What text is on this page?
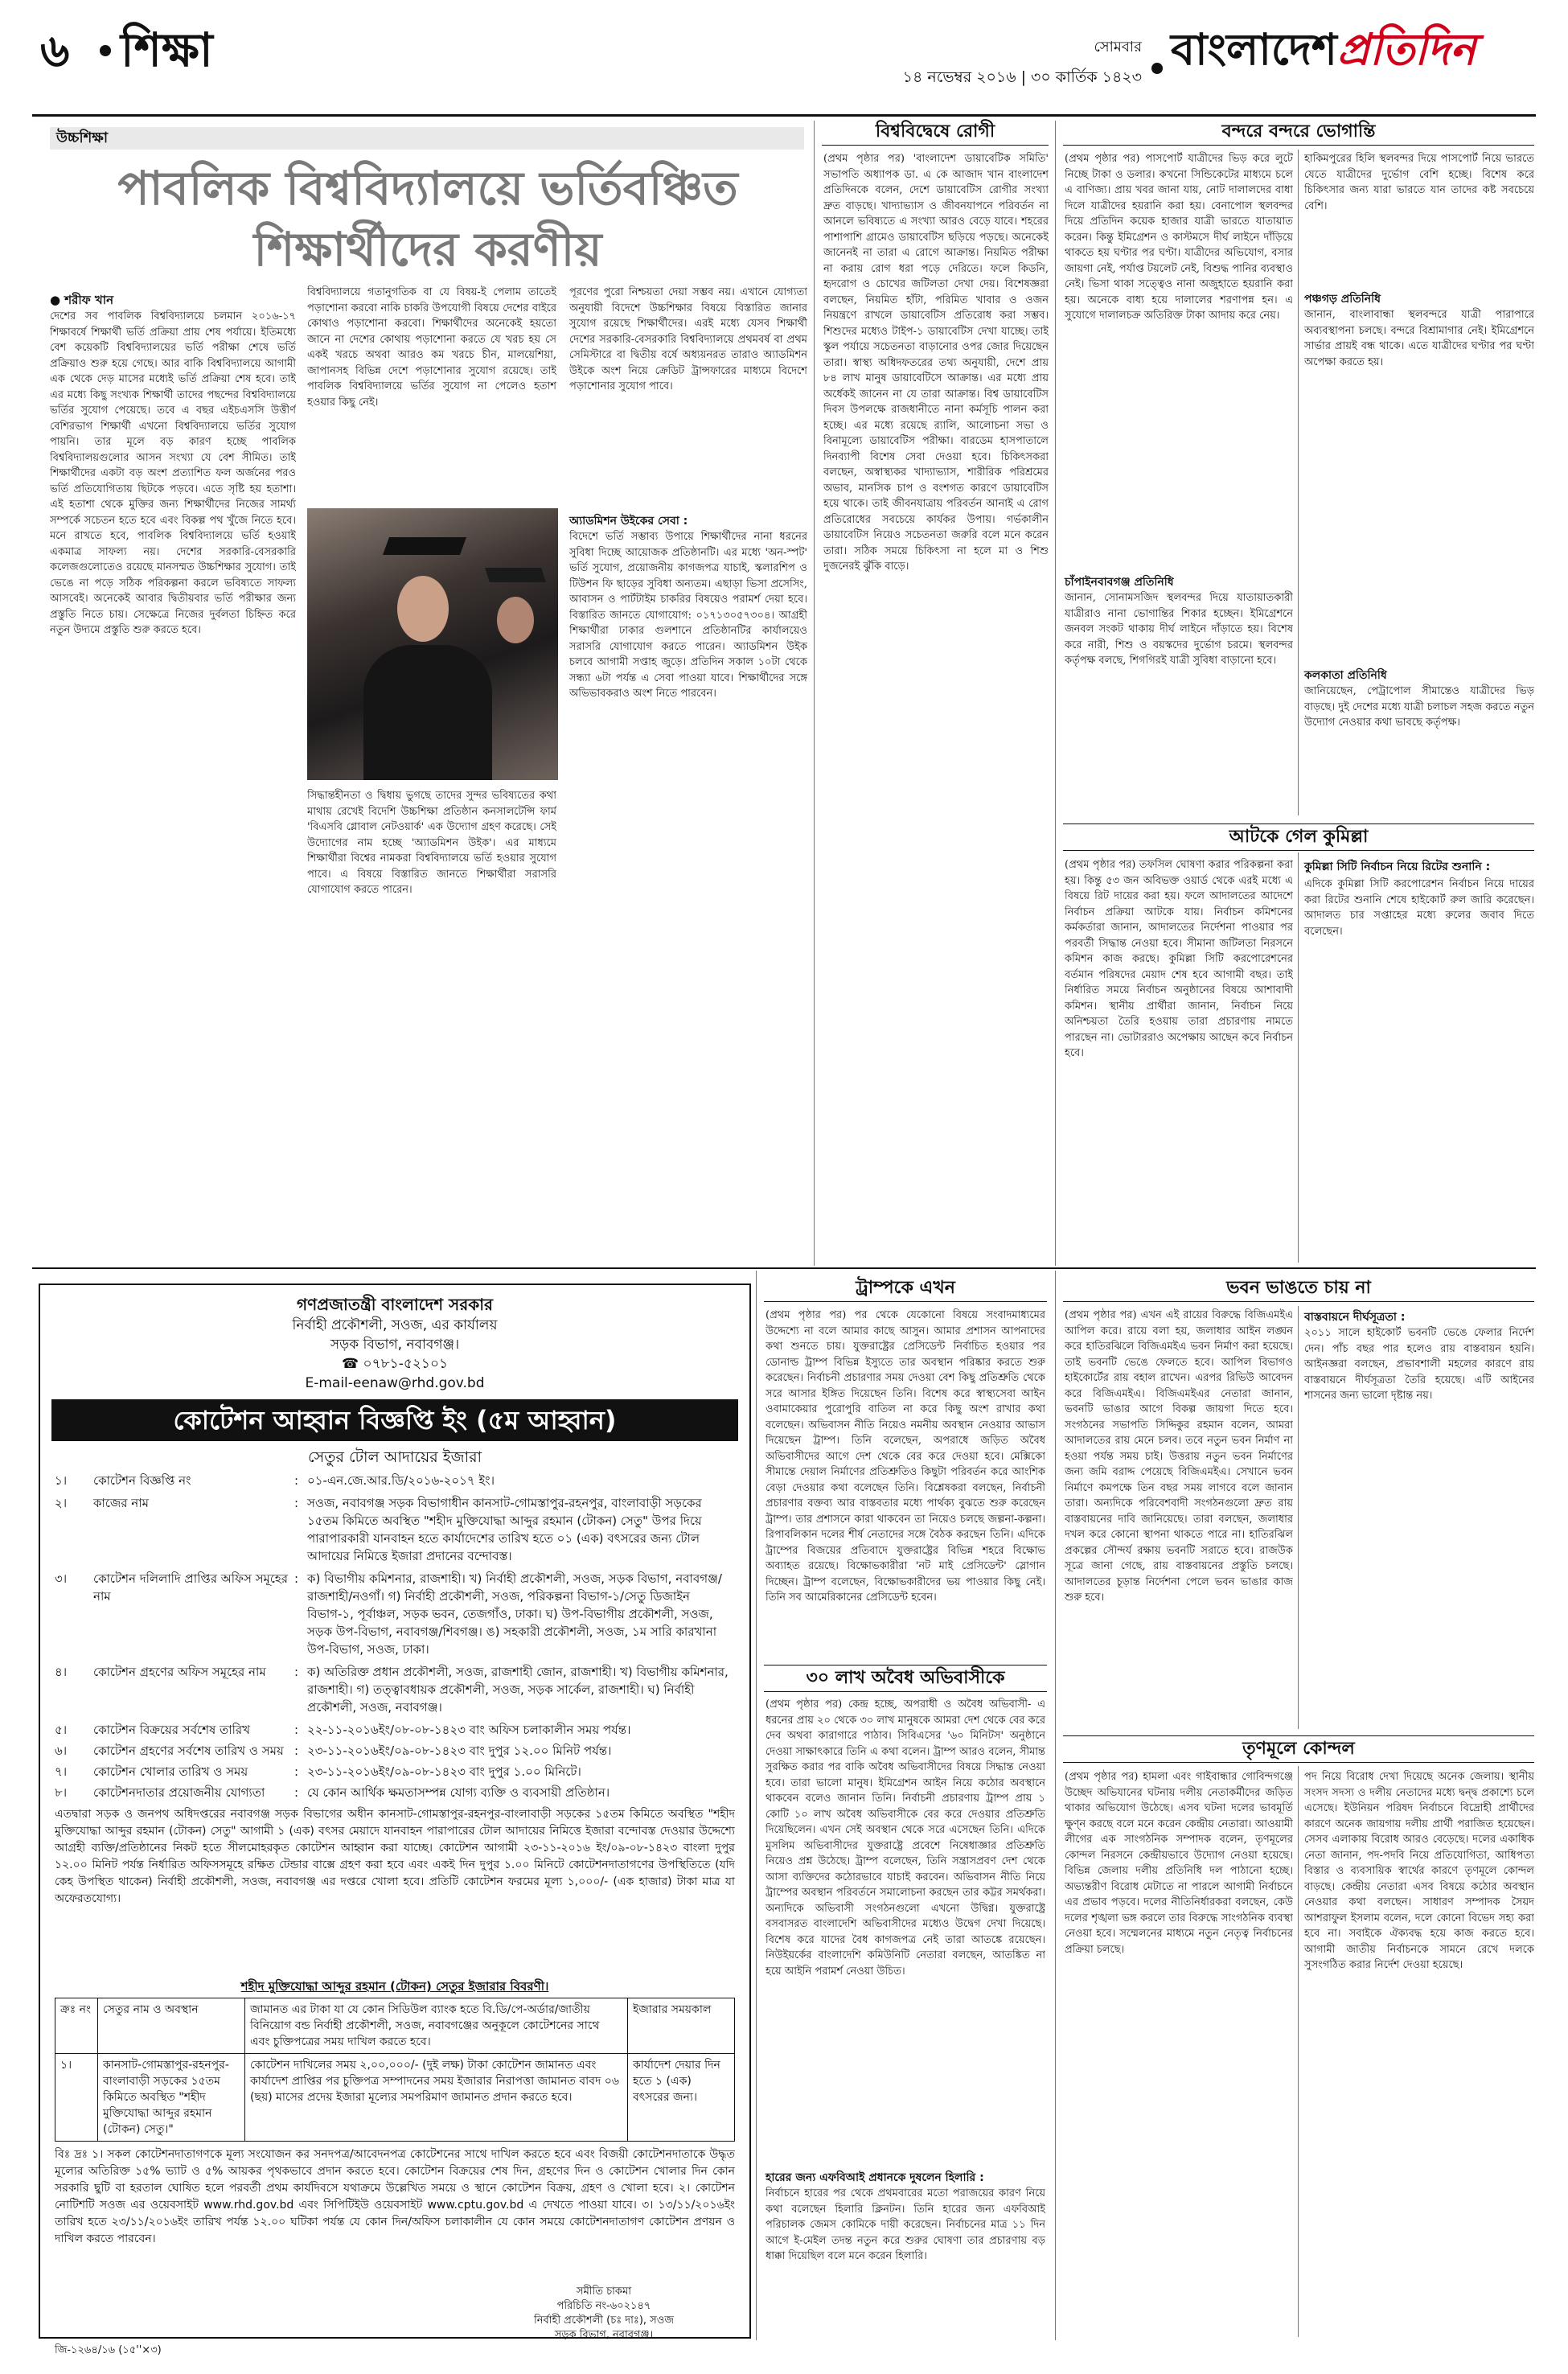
৬ শিক্ষা	সোমবার
১৪ নভেম্বর ২০১৬ | ৩০ কার্তিক ১৪২৩
বাংলাদেশপ্রতিদিন
উচ্চশিক্ষা
পাবলিক বিশ্ববিদ্যালয়ে ভর্তিবঞ্চিত
শিক্ষার্থীদের করণীয়
● শরীফ খান
দেশের সব পাবলিক বিশ্ববিদ্যালয়ে চলমান ২০১৬-১৭ শিক্ষাবর্ষে শিক্ষার্থী ভর্তি প্রক্রিয়া প্রায় শেষ পর্যায়ে। ইতিমধ্যে বেশ কয়েকটি বিশ্ববিদ্যালয়ের ভর্তি পরীক্ষা শেষে ভর্তি প্রক্রিয়াও শুরু হয়ে গেছে। আর বাকি বিশ্ববিদ্যালয়ে আগামী এক থেকে দেড় মাসের মধ্যেই ভর্তি প্রক্রিয়া শেষ হবে। তাই এর মধ্যে কিছু সংখ্যক শিক্ষার্থী তাদের পছন্দের বিশ্ববিদ্যালয়ে ভর্তির সুযোগ পেয়েছে। তবে এ বছর এইচএসসি উত্তীর্ণ বেশিরভাগ শিক্ষার্থী এখনো বিশ্ববিদ্যালয়ে ভর্তির সুযোগ পায়নি। তার মূলে বড় কারণ হচ্ছে পাবলিক বিশ্ববিদ্যালয়গুলোর আসন সংখ্যা যে বেশ সীমিত। তাই শিক্ষার্থীদের একটা বড় অংশ প্রত্যাশিত ফল অর্জনের পরও ভর্তি প্রতিযোগিতায় ছিটকে পড়বে। এতে সৃষ্টি হয় হতাশা। এই হতাশা থেকে মুক্তির জন্য শিক্ষার্থীদের নিজের সামর্থ্য সম্পর্কে সচেতন হতে হবে এবং বিকল্প পথ খুঁজে নিতে হবে। মনে রাখতে হবে, পাবলিক বিশ্ববিদ্যালয়ে ভর্তি হওয়াই একমাত্র সাফল্য নয়। দেশের সরকারি-বেসরকারি কলেজগুলোতেও রয়েছে মানসম্মত উচ্চশিক্ষার সুযোগ। তাই ভেঙে না পড়ে সঠিক পরিকল্পনা করলে ভবিষ্যতে সাফল্য আসবেই। অনেকেই আবার দ্বিতীয়বার ভর্তি পরীক্ষার জন্য প্রস্তুতি নিতে চায়। সেক্ষেত্রে নিজের দুর্বলতা চিহ্নিত করে নতুন উদ্যমে প্রস্তুতি শুরু করতে হবে।
বিশ্ববিদ্যালয়ে গতানুগতিক বা যে বিষয়-ই পেলাম তাতেই পড়াশোনা করবো নাকি চাকরি উপযোগী বিষয়ে দেশের বাইরে কোথাও পড়াশোনা করবো। শিক্ষার্থীদের অনেকেই হয়তো জানে না দেশের কোথায় পড়াশোনা করতে যে খরচ হয় সে একই খরচে অথবা আরও কম খরচে চীন, মালয়েশিয়া, জাপানসহ বিভিন্ন দেশে পড়াশোনার সুযোগ রয়েছে। তাই পাবলিক বিশ্ববিদ্যালয়ে ভর্তির সুযোগ না পেলেও হতাশ হওয়ার কিছু নেই।
সিদ্ধান্তহীনতা ও দ্বিধায় ভুগছে তাদের সুন্দর ভবিষ্যতের কথা মাথায় রেখেই বিদেশি উচ্চশিক্ষা প্রতিষ্ঠান কনসালটেন্সি ফার্ম 'বিএসবি গ্লোবাল নেটওয়ার্ক' এক উদ্যোগ গ্রহণ করেছে। সেই উদ্যোগের নাম হচ্ছে 'অ্যাডমিশন উইক'। এর মাধ্যমে শিক্ষার্থীরা বিশ্বের নামকরা বিশ্ববিদ্যালয়ে ভর্তি হওয়ার সুযোগ পাবে। এ বিষয়ে বিস্তারিত জানতে শিক্ষার্থীরা সরাসরি যোগাযোগ করতে পারেন।
পূরণের পুরো নিশ্চয়তা দেয়া সম্ভব নয়। এখানে যোগ্যতা অনুযায়ী বিদেশে উচ্চশিক্ষার বিষয়ে বিস্তারিত জানার সুযোগ রয়েছে শিক্ষার্থীদের। এরই মধ্যে যেসব শিক্ষার্থী দেশের সরকারি-বেসরকারি বিশ্ববিদ্যালয়ে প্রথমবর্ষ বা প্রথম সেমিস্টারে বা দ্বিতীয় বর্ষে অধ্যয়নরত তারাও অ্যাডমিশন উইকে অংশ নিয়ে ক্রেডিট ট্রান্সফারের মাধ্যমে বিদেশে পড়াশোনার সুযোগ পাবে।
অ্যাডমিশন উইকের সেবা :
বিদেশে ভর্তি সম্ভাব্য উপায়ে শিক্ষার্থীদের নানা ধরনের সুবিধা দিচ্ছে আয়োজক প্রতিষ্ঠানটি। এর মধ্যে 'অন-স্পট' ভর্তি সুযোগ, প্রয়োজনীয় কাগজপত্র যাচাই, স্কলারশিপ ও টিউশন ফি ছাড়ের সুবিধা অন্যতম। এছাড়া ভিসা প্রসেসিং, আবাসন ও পার্টটাইম চাকরির বিষয়েও পরামর্শ দেয়া হবে। বিস্তারিত জানতে যোগাযোগ: ০১৭১৩০৫৭৩০৪। আগ্রহী শিক্ষার্থীরা ঢাকার গুলশানে প্রতিষ্ঠানটির কার্যালয়েও সরাসরি যোগাযোগ করতে পারেন। অ্যাডমিশন উইক চলবে আগামী সপ্তাহ জুড়ে। প্রতিদিন সকাল ১০টা থেকে সন্ধ্যা ৬টা পর্যন্ত এ সেবা পাওয়া যাবে। শিক্ষার্থীদের সঙ্গে অভিভাবকরাও অংশ নিতে পারবেন।
বিশ্ববিদ্বেষে রোগী
(প্রথম পৃষ্ঠার পর) 'বাংলাদেশ ডায়াবেটিক সমিতি' সভাপতি অধ্যাপক ডা. এ কে আজাদ খান বাংলাদেশ প্রতিদিনকে বলেন, দেশে ডায়াবেটিস রোগীর সংখ্যা দ্রুত বাড়ছে। খাদ্যাভ্যাস ও জীবনযাপনে পরিবর্তন না আনলে ভবিষ্যতে এ সংখ্যা আরও বেড়ে যাবে। শহরের পাশাপাশি গ্রামেও ডায়াবেটিস ছড়িয়ে পড়ছে। অনেকেই জানেনই না তারা এ রোগে আক্রান্ত। নিয়মিত পরীক্ষা না করায় রোগ ধরা পড়ে দেরিতে। ফলে কিডনি, হৃদরোগ ও চোখের জটিলতা দেখা দেয়। বিশেষজ্ঞরা বলছেন, নিয়মিত হাঁটা, পরিমিত খাবার ও ওজন নিয়ন্ত্রণে রাখলে ডায়াবেটিস প্রতিরোধ করা সম্ভব। শিশুদের মধ্যেও টাইপ-১ ডায়াবেটিস দেখা যাচ্ছে। তাই স্কুল পর্যায়ে সচেতনতা বাড়ানোর ওপর জোর দিয়েছেন তারা। স্বাস্থ্য অধিদফতরের তথ্য অনুযায়ী, দেশে প্রায় ৮৪ লাখ মানুষ ডায়াবেটিসে আক্রান্ত। এর মধ্যে প্রায় অর্ধেকই জানেন না যে তারা আক্রান্ত। বিশ্ব ডায়াবেটিস দিবস উপলক্ষে রাজধানীতে নানা কর্মসূচি পালন করা হচ্ছে। এর মধ্যে রয়েছে র‍্যালি, আলোচনা সভা ও বিনামূল্যে ডায়াবেটিস পরীক্ষা। বারডেম হাসপাতালে দিনব্যাপী বিশেষ সেবা দেওয়া হবে। চিকিৎসকরা বলছেন, অস্বাস্থ্যকর খাদ্যাভ্যাস, শারীরিক পরিশ্রমের অভাব, মানসিক চাপ ও বংশগত কারণে ডায়াবেটিস হয়ে থাকে। তাই জীবনযাত্রায় পরিবর্তন আনাই এ রোগ প্রতিরোধের সবচেয়ে কার্যকর উপায়। গর্ভকালীন ডায়াবেটিস নিয়েও সচেতনতা জরুরি বলে মনে করেন তারা। সঠিক সময়ে চিকিৎসা না হলে মা ও শিশু দুজনেরই ঝুঁকি বাড়ে।
বন্দরে বন্দরে ভোগান্তি
(প্রথম পৃষ্ঠার পর) পাসপোর্ট যাত্রীদের ভিড় করে লুটে নিচ্ছে টাকা ও ডলার। কখনো সিন্ডিকেটের মাধ্যমে চলে এ বাণিজ্য। প্রায় খবর জানা যায়, নোট দালালদের বাধা দিলে যাত্রীদের হয়রানি করা হয়। বেনাপোল স্থলবন্দর দিয়ে প্রতিদিন কয়েক হাজার যাত্রী ভারতে যাতায়াত করেন। কিন্তু ইমিগ্রেশন ও কাস্টমসে দীর্ঘ লাইনে দাঁড়িয়ে থাকতে হয় ঘণ্টার পর ঘণ্টা। যাত্রীদের অভিযোগ, বসার জায়গা নেই, পর্যাপ্ত টয়লেট নেই, বিশুদ্ধ পানির ব্যবস্থাও নেই। ভিসা থাকা সত্ত্বেও নানা অজুহাতে হয়রানি করা হয়। অনেকে বাধ্য হয়ে দালালের শরণাপন্ন হন। এ সুযোগে দালালচক্র অতিরিক্ত টাকা আদায় করে নেয়।
চাঁপাইনবাবগঞ্জ প্রতিনিধি
জানান, সোনামসজিদ স্থলবন্দর দিয়ে যাতায়াতকারী যাত্রীরাও নানা ভোগান্তির শিকার হচ্ছেন। ইমিগ্রেশনে জনবল সংকট থাকায় দীর্ঘ লাইনে দাঁড়াতে হয়। বিশেষ করে নারী, শিশু ও বয়স্কদের দুর্ভোগ চরমে। স্থলবন্দর কর্তৃপক্ষ বলছে, শিগগিরই যাত্রী সুবিধা বাড়ানো হবে।
হাকিমপুরের হিলি স্থলবন্দর দিয়ে পাসপোর্ট নিয়ে ভারতে যেতে যাত্রীদের দুর্ভোগ বেশি হচ্ছে। বিশেষ করে চিকিৎসার জন্য যারা ভারতে যান তাদের কষ্ট সবচেয়ে বেশি।
পঞ্চগড় প্রতিনিধি
জানান, বাংলাবান্ধা স্থলবন্দরে যাত্রী পারাপারে অব্যবস্থাপনা চলছে। বন্দরে বিশ্রামাগার নেই। ইমিগ্রেশনে সার্ভার প্রায়ই বন্ধ থাকে। এতে যাত্রীদের ঘণ্টার পর ঘণ্টা অপেক্ষা করতে হয়।
কলকাতা প্রতিনিধি
জানিয়েছেন, পেট্রাপোল সীমান্তেও যাত্রীদের ভিড় বাড়ছে। দুই দেশের মধ্যে যাত্রী চলাচল সহজ করতে নতুন উদ্যোগ নেওয়ার কথা ভাবছে কর্তৃপক্ষ।
আটকে গেল কুমিল্লা
(প্রথম পৃষ্ঠার পর) তফসিল ঘোষণা করার পরিকল্পনা করা হয়। কিন্তু ৫৩ জন অবিভক্ত ওয়ার্ড থেকে এরই মধ্যে এ বিষয়ে রিট দায়ের করা হয়। ফলে আদালতের আদেশে নির্বাচন প্রক্রিয়া আটকে যায়। নির্বাচন কমিশনের কর্মকর্তারা জানান, আদালতের নির্দেশনা পাওয়ার পর পরবর্তী সিদ্ধান্ত নেওয়া হবে। সীমানা জটিলতা নিরসনে কমিশন কাজ করছে। কুমিল্লা সিটি করপোরেশনের বর্তমান পরিষদের মেয়াদ শেষ হবে আগামী বছর। তাই নির্ধারিত সময়ে নির্বাচন অনুষ্ঠানের বিষয়ে আশাবাদী কমিশন। স্থানীয় প্রার্থীরা জানান, নির্বাচন নিয়ে অনিশ্চয়তা তৈরি হওয়ায় তারা প্রচারণায় নামতে পারছেন না। ভোটাররাও অপেক্ষায় আছেন কবে নির্বাচন হবে।
কুমিল্লা সিটি নির্বাচন নিয়ে রিটের শুনানি :
এদিকে কুমিল্লা সিটি করপোরেশন নির্বাচন নিয়ে দায়ের করা রিটের শুনানি শেষে হাইকোর্ট রুল জারি করেছেন। আদালত চার সপ্তাহের মধ্যে রুলের জবাব দিতে বলেছেন।
গণপ্রজাতন্ত্রী বাংলাদেশ সরকার
নির্বাহী প্রকৌশলী, সওজ, এর কার্যালয়
সড়ক বিভাগ, নবাবগঞ্জ।
☎ ০৭৮১-৫২১০১
E-mail-eenaw@rhd.gov.bd
কোটেশন আহ্বান বিজ্ঞপ্তি ইং (৫ম আহ্বান)
সেতুর টোল আদায়ের ইজারা
১।	কোটেশন বিজ্ঞপ্তি নং	: ০১-এন.জে.আর.ডি/২০১৬-২০১৭ ইং।
২।	কাজের নাম	: সওজ, নবাবগঞ্জ সড়ক বিভাগাধীন কানসাট-গোমস্তাপুর-রহনপুর, বাংলাবাড়ী সড়কের ১৫তম কিমিতে অবস্থিত "শহীদ মুক্তিযোদ্ধা আব্দুর রহমান (টোকন) সেতু" উপর দিয়ে পারাপারকারী যানবাহন হতে কার্যাদেশের তারিখ হতে ০১ (এক) বৎসরের জন্য টোল আদায়ের নিমিত্তে ইজারা প্রদানের বন্দোবস্ত।
৩।	কোটেশন দলিলাদি প্রাপ্তির অফিস সমূহের নাম
: ক) বিভাগীয় কমিশনার, রাজশাহী। খ) নির্বাহী প্রকৌশলী, সওজ, সড়ক বিভাগ, নবাবগঞ্জ/রাজশাহী/নওগাঁ। গ) নির্বাহী প্রকৌশলী, সওজ, পরিকল্পনা বিভাগ-১/সেতু ডিজাইন বিভাগ-১, পূর্বাঞ্চল, সড়ক ভবন, তেজগাঁও, ঢাকা। ঘ) উপ-বিভাগীয় প্রকৌশলী, সওজ, সড়ক উপ-বিভাগ, নবাবগঞ্জ/শিবগঞ্জ। ঙ) সহকারী প্রকৌশলী, সওজ, ১ম সারি কারখানা উপ-বিভাগ, সওজ, ঢাকা।
৪।	কোটেশন গ্রহণের অফিস সমূহের নাম	: ক) অতিরিক্ত প্রধান প্রকৌশলী, সওজ, রাজশাহী জোন, রাজশাহী। খ) বিভাগীয় কমিশনার, রাজশাহী। গ) তত্ত্বাবধায়ক প্রকৌশলী, সওজ, সড়ক সার্কেল, রাজশাহী। ঘ) নির্বাহী প্রকৌশলী, সওজ, নবাবগঞ্জ।
৫।	কোটেশন বিক্রয়ের সর্বশেষ তারিখ	: ২২-১১-২০১৬ইং/০৮-০৮-১৪২৩ বাং অফিস চলাকালীন সময় পর্যন্ত।
৬।	কোটেশন গ্রহণের সর্বশেষ তারিখ ও সময় : ২৩-১১-২০১৬ইং/০৯-০৮-১৪২৩ বাং দুপুর ১২.০০ মিনিট পর্যন্ত।
৭।	কোটেশন খোলার তারিখ ও সময়	: ২৩-১১-২০১৬ইং/০৯-০৮-১৪২৩ বাং দুপুর ১.০০ মিনিটে।
৮।	কোটেশনদাতার প্রয়োজনীয় যোগ্যতা	: যে কোন আর্থিক ক্ষমতাসম্পন্ন যোগ্য ব্যক্তি ও ব্যবসায়ী প্রতিষ্ঠান।
এতদ্বারা সড়ক ও জনপথ অধিদপ্তরের নবাবগঞ্জ সড়ক বিভাগের অধীন কানসাট-গোমস্তাপুর-রহনপুর-বাংলাবাড়ী সড়কের ১৫তম কিমিতে অবস্থিত "শহীদ মুক্তিযোদ্ধা আব্দুর রহমান (টোকন) সেতু" আগামী ১ (এক) বৎসর মেয়াদে যানবাহন পারাপারের টোল আদায়ের নিমিত্তে ইজারা বন্দোবস্ত দেওয়ার উদ্দেশ্যে আগ্রহী ব্যক্তি/প্রতিষ্ঠানের নিকট হতে সীলমোহরকৃত কোটেশন আহ্বান করা যাচ্ছে। কোটেশন আগামী ২৩-১১-২০১৬ ইং/০৯-০৮-১৪২৩ বাংলা দুপুর ১২.০০ মিনিট পর্যন্ত নির্ধারিত অফিসসমূহে রক্ষিত টেন্ডার বাক্সে গ্রহণ করা হবে এবং একই দিন দুপুর ১.০০ মিনিটে কোটেশনদাতাগণের উপস্থিতিতে (যদি কেহ উপস্থিত থাকেন) নির্বাহী প্রকৌশলী, সওজ, নবাবগঞ্জ এর দপ্তরে খোলা হবে। প্রতিটি কোটেশন ফরমের মূল্য ১,০০০/- (এক হাজার) টাকা মাত্র যা অফেরতযোগ্য।
শহীদ মুক্তিযোদ্ধা আব্দুর রহমান (টোকন) সেতুর ইজারার বিবরণী।
ক্রঃ নং	সেতুর নাম ও অবস্থান	জামানত এর টাকা যা যে কোন সিডিউল ব্যাংক হতে বি.ডি/পে-অর্ডার/জাতীয় বিনিয়োগ বন্ড নির্বাহী প্রকৌশলী, সওজ, নবাবগঞ্জের অনুকূলে কোটেশনের সাথে এবং চুক্তিপত্রের সময় দাখিল করতে হবে।	ইজারার সময়কাল
১।	কানসাট-গোমস্তাপুর-রহনপুর-বাংলাবাড়ী সড়কের ১৫তম কিমিতে অবস্থিত "শহীদ মুক্তিযোদ্ধা আব্দুর রহমান (টোকন) সেতু।"	কোটেশন দাখিলের সময় ২,০০,০০০/- (দুই লক্ষ) টাকা কোটেশন জামানত এবং কার্যাদেশ প্রাপ্তির পর চুক্তিপত্র সম্পাদনের সময় ইজারার নিরাপত্তা জামানত বাবদ ০৬ (ছয়) মাসের প্রদেয় ইজারা মূল্যের সমপরিমাণ জামানত প্রদান করতে হবে।	কার্যাদেশ দেয়ার দিন হতে ১ (এক) বৎসরের জন্য।
বিঃ দ্রঃ ১। সকল কোটেশনদাতাগণকে মূল্য সংযোজন কর সনদপত্র/আবেদনপত্র কোটেশনের সাথে দাখিল করতে হবে এবং বিজয়ী কোটেশনদাতাকে উদ্ধৃত মূল্যের অতিরিক্ত ১৫% ভ্যাট ও ৫% আয়কর পৃথকভাবে প্রদান করতে হবে। কোটেশন বিক্রয়ের শেষ দিন, গ্রহণের দিন ও কোটেশন খোলার দিন কোন সরকারি ছুটি বা হরতাল ঘোষিত হলে পরবর্তী প্রথম কার্যদিবসে যথাক্রমে উল্লেখিত সময়ে ও স্থানে কোটেশন বিক্রয়, গ্রহণ ও খোলা হবে। ২। কোটেশন নোটিশটি সওজ এর ওয়েবসাইট www.rhd.gov.bd এবং সিপিটিইউ ওয়েবসাইট www.cptu.gov.bd এ দেখতে পাওয়া যাবে। ৩। ১৩/১১/২০১৬ইং তারিখ হতে ২৩/১১/২০১৬ইং তারিখ পর্যন্ত ১২.০০ ঘটিকা পর্যন্ত যে কোন দিন/অফিস চলাকালীন যে কোন সময়ে কোটেশনদাতাগণ কোটেশন প্রণয়ন ও দাখিল করতে পারবেন।
সমীতি চাকমা
পরিচিতি নং-৬০২১৪৭
নির্বাহী প্রকৌশলী (চঃ দাঃ), সওজ
সড়ক বিভাগ, নবাবগঞ্জ।
জি-১২৬৪/১৬ (১৫''×৩)
ট্রাম্পকে এখন
(প্রথম পৃষ্ঠার পর) পর থেকে যেকোনো বিষয়ে সংবাদমাধ্যমের উদ্দেশ্যে না বলে আমার কাছে আসুন। আমার প্রশাসন আপনাদের কথা শুনতে চায়। যুক্তরাষ্ট্রের প্রেসিডেন্ট নির্বাচিত হওয়ার পর ডোনাল্ড ট্রাম্প বিভিন্ন ইস্যুতে তার অবস্থান পরিষ্কার করতে শুরু করেছেন। নির্বাচনী প্রচারণার সময় দেওয়া বেশ কিছু প্রতিশ্রুতি থেকে সরে আসার ইঙ্গিত দিয়েছেন তিনি। বিশেষ করে স্বাস্থ্যসেবা আইন ওবামাকেয়ার পুরোপুরি বাতিল না করে কিছু অংশ রাখার কথা বলেছেন। অভিবাসন নীতি নিয়েও নমনীয় অবস্থান নেওয়ার আভাস দিয়েছেন ট্রাম্প। তিনি বলেছেন, অপরাধে জড়িত অবৈধ অভিবাসীদের আগে দেশ থেকে বের করে দেওয়া হবে। মেক্সিকো সীমান্তে দেয়াল নির্মাণের প্রতিশ্রুতিও কিছুটা পরিবর্তন করে আংশিক বেড়া দেওয়ার কথা বলেছেন তিনি। বিশ্লেষকরা বলছেন, নির্বাচনী প্রচারণার বক্তব্য আর বাস্তবতার মধ্যে পার্থক্য বুঝতে শুরু করেছেন ট্রাম্প। তার প্রশাসনে কারা থাকবেন তা নিয়েও চলছে জল্পনা-কল্পনা। রিপাবলিকান দলের শীর্ষ নেতাদের সঙ্গে বৈঠক করছেন তিনি। এদিকে ট্রাম্পের বিজয়ের প্রতিবাদে যুক্তরাষ্ট্রের বিভিন্ন শহরে বিক্ষোভ অব্যাহত রয়েছে। বিক্ষোভকারীরা 'নট মাই প্রেসিডেন্ট' স্লোগান দিচ্ছেন। ট্রাম্প বলেছেন, বিক্ষোভকারীদের ভয় পাওয়ার কিছু নেই। তিনি সব আমেরিকানের প্রেসিডেন্ট হবেন।
৩০ লাখ অবৈধ অভিবাসীকে
(প্রথম পৃষ্ঠার পর) কেন্দ্র হচ্ছে, অপরাধী ও অবৈধ অভিবাসী- এ ধরনের প্রায় ২০ থেকে ৩০ লাখ মানুষকে আমরা দেশ থেকে বের করে দেব অথবা কারাগারে পাঠাব। সিবিএসের '৬০ মিনিটস' অনুষ্ঠানে দেওয়া সাক্ষাৎকারে তিনি এ কথা বলেন। ট্রাম্প আরও বলেন, সীমান্ত সুরক্ষিত করার পর বাকি অবৈধ অভিবাসীদের বিষয়ে সিদ্ধান্ত নেওয়া হবে। তারা ভালো মানুষ। ইমিগ্রেশন আইন নিয়ে কঠোর অবস্থানে থাকবেন বলেও জানান তিনি। নির্বাচনী প্রচারণায় ট্রাম্প প্রায় ১ কোটি ১০ লাখ অবৈধ অভিবাসীকে বের করে দেওয়ার প্রতিশ্রুতি দিয়েছিলেন। এখন সেই অবস্থান থেকে সরে এসেছেন তিনি। এদিকে মুসলিম অভিবাসীদের যুক্তরাষ্ট্রে প্রবেশে নিষেধাজ্ঞার প্রতিশ্রুতি নিয়েও প্রশ্ন উঠেছে। ট্রাম্প বলেছেন, তিনি সন্ত্রাসপ্রবণ দেশ থেকে আসা ব্যক্তিদের কঠোরভাবে যাচাই করবেন। অভিবাসন নীতি নিয়ে ট্রাম্পের অবস্থান পরিবর্তনে সমালোচনা করছেন তার কট্টর সমর্থকরা। অন্যদিকে অভিবাসী সংগঠনগুলো এখনো উদ্বিগ্ন। যুক্তরাষ্ট্রে বসবাসরত বাংলাদেশি অভিবাসীদের মধ্যেও উদ্বেগ দেখা দিয়েছে। বিশেষ করে যাদের বৈধ কাগজপত্র নেই তারা আতঙ্কে রয়েছেন। নিউইয়র্কের বাংলাদেশি কমিউনিটি নেতারা বলছেন, আতঙ্কিত না হয়ে আইনি পরামর্শ নেওয়া উচিত।
হারের জন্য এফবিআই প্রধানকে দুষলেন হিলারি :
নির্বাচনে হারের পর থেকে প্রথমবারের মতো পরাজয়ের কারণ নিয়ে কথা বলেছেন হিলারি ক্লিনটন। তিনি হারের জন্য এফবিআই পরিচালক জেমস কোমিকে দায়ী করেছেন। নির্বাচনের মাত্র ১১ দিন আগে ই-মেইল তদন্ত নতুন করে শুরুর ঘোষণা তার প্রচারণায় বড় ধাক্কা দিয়েছিল বলে মনে করেন হিলারি।
ভবন ভাঙতে চায় না
(প্রথম পৃষ্ঠার পর) এখন এই রায়ের বিরুদ্ধে বিজিএমইএ আপিল করে। রায়ে বলা হয়, জলাধার আইন লঙ্ঘন করে হাতিরঝিলে বিজিএমইএ ভবন নির্মাণ করা হয়েছে। তাই ভবনটি ভেঙে ফেলতে হবে। আপিল বিভাগও হাইকোর্টের রায় বহাল রাখেন। এরপর রিভিউ আবেদন করে বিজিএমইএ। বিজিএমইএর নেতারা জানান, ভবনটি ভাঙার আগে বিকল্প জায়গা দিতে হবে। সংগঠনের সভাপতি সিদ্দিকুর রহমান বলেন, আমরা আদালতের রায় মেনে চলব। তবে নতুন ভবন নির্মাণ না হওয়া পর্যন্ত সময় চাই। উত্তরায় নতুন ভবন নির্মাণের জন্য জমি বরাদ্দ পেয়েছে বিজিএমইএ। সেখানে ভবন নির্মাণে কমপক্ষে তিন বছর সময় লাগবে বলে জানান তারা। অন্যদিকে পরিবেশবাদী সংগঠনগুলো দ্রুত রায় বাস্তবায়নের দাবি জানিয়েছে। তারা বলছেন, জলাধার দখল করে কোনো স্থাপনা থাকতে পারে না। হাতিরঝিল প্রকল্পের সৌন্দর্য রক্ষায় ভবনটি সরাতে হবে। রাজউক সূত্রে জানা গেছে, রায় বাস্তবায়নের প্রস্তুতি চলছে। আদালতের চূড়ান্ত নির্দেশনা পেলে ভবন ভাঙার কাজ শুরু হবে।
বাস্তবায়নে দীর্ঘসূত্রতা :
২০১১ সালে হাইকোর্ট ভবনটি ভেঙে ফেলার নির্দেশ দেন। পাঁচ বছর পার হলেও রায় বাস্তবায়ন হয়নি। আইনজ্ঞরা বলছেন, প্রভাবশালী মহলের কারণে রায় বাস্তবায়নে দীর্ঘসূত্রতা তৈরি হয়েছে। এটি আইনের শাসনের জন্য ভালো দৃষ্টান্ত নয়।
তৃণমূলে কোন্দল
(প্রথম পৃষ্ঠার পর) হামলা এবং গাইবান্ধার গোবিন্দগঞ্জে উচ্ছেদ অভিযানের ঘটনায় দলীয় নেতাকর্মীদের জড়িত থাকার অভিযোগ উঠেছে। এসব ঘটনা দলের ভাবমূর্তি ক্ষুণ্ন করছে বলে মনে করেন কেন্দ্রীয় নেতারা। আওয়ামী লীগের এক সাংগঠনিক সম্পাদক বলেন, তৃণমূলের কোন্দল নিরসনে কেন্দ্রীয়ভাবে উদ্যোগ নেওয়া হয়েছে। বিভিন্ন জেলায় দলীয় প্রতিনিধি দল পাঠানো হচ্ছে। অভ্যন্তরীণ বিরোধ মেটাতে না পারলে আগামী নির্বাচনে এর প্রভাব পড়বে। দলের নীতিনির্ধারকরা বলছেন, কেউ দলের শৃঙ্খলা ভঙ্গ করলে তার বিরুদ্ধে সাংগঠনিক ব্যবস্থা নেওয়া হবে। সম্মেলনের মাধ্যমে নতুন নেতৃত্ব নির্বাচনের প্রক্রিয়া চলছে।
পদ নিয়ে বিরোধ দেখা দিয়েছে অনেক জেলায়। স্থানীয় সংসদ সদস্য ও দলীয় নেতাদের মধ্যে দ্বন্দ্ব প্রকাশ্যে চলে এসেছে। ইউনিয়ন পরিষদ নির্বাচনে বিদ্রোহী প্রার্থীদের কারণে অনেক জায়গায় দলীয় প্রার্থী পরাজিত হয়েছেন। সেসব এলাকায় বিরোধ আরও বেড়েছে। দলের একাধিক নেতা জানান, পদ-পদবি নিয়ে প্রতিযোগিতা, আধিপত্য বিস্তার ও ব্যবসায়িক স্বার্থের কারণে তৃণমূলে কোন্দল বাড়ছে। কেন্দ্রীয় নেতারা এসব বিষয়ে কঠোর অবস্থান নেওয়ার কথা বলছেন। সাধারণ সম্পাদক সৈয়দ আশরাফুল ইসলাম বলেন, দলে কোনো বিভেদ সহ্য করা হবে না। সবাইকে ঐক্যবদ্ধ হয়ে কাজ করতে হবে। আগামী জাতীয় নির্বাচনকে সামনে রেখে দলকে সুসংগঠিত করার নির্দেশ দেওয়া হয়েছে।
